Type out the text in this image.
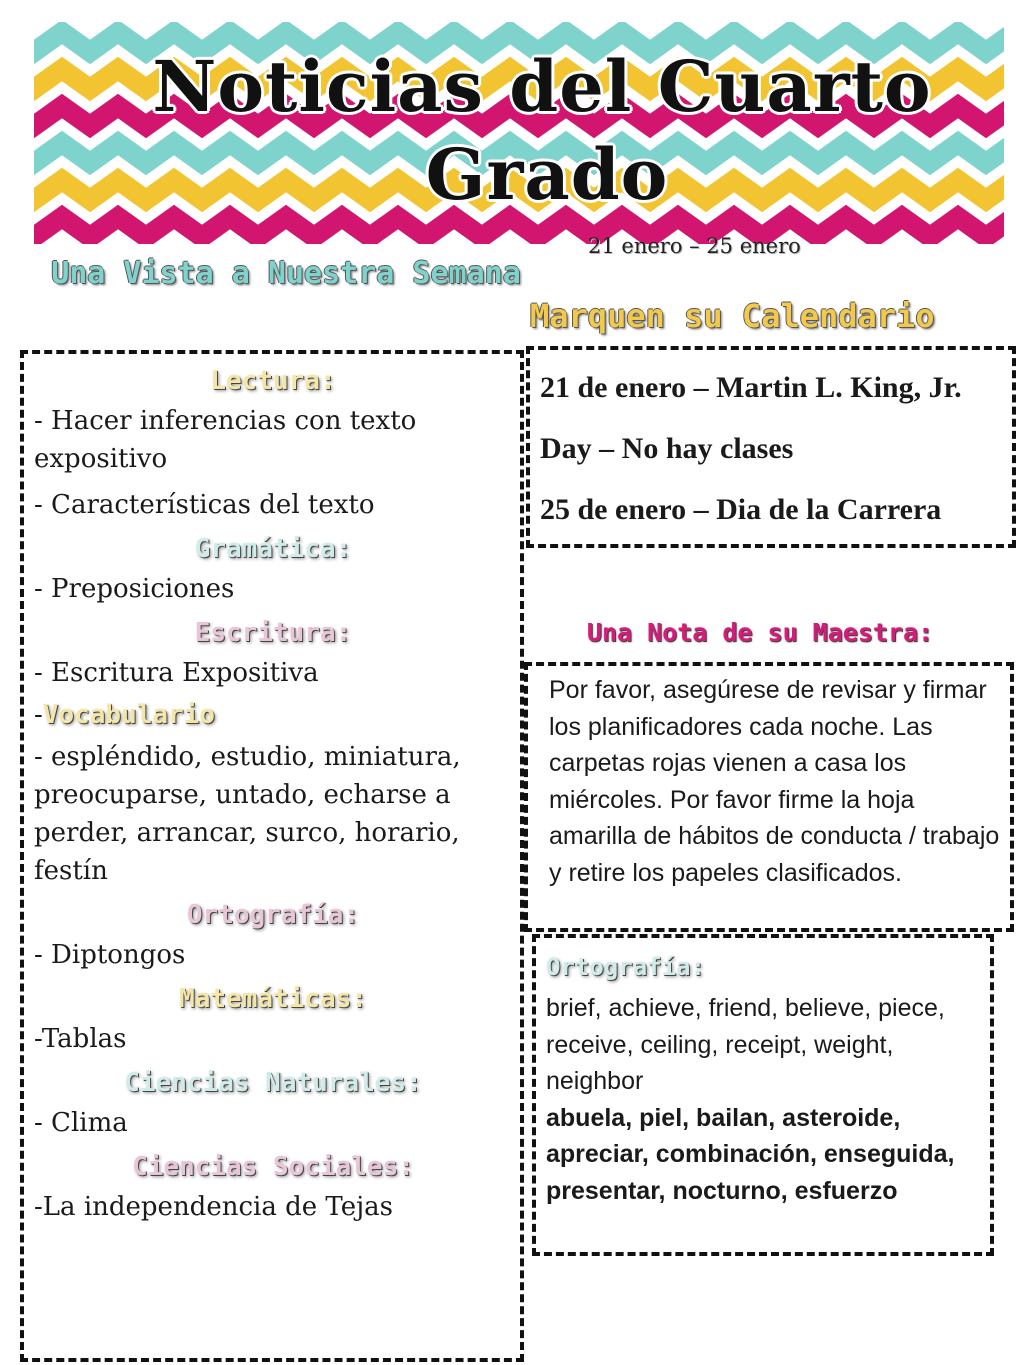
Noticias del Cuarto
Grado
21 enero – 25 enero
Una Vista a Nuestra Semana
Marquen su Calendario
Una Nota de su Maestra:
Lectura:
- Hacer inferencias con texto expositivo
- Características del texto
Gramática:
- Preposiciones
Escritura:
- Escritura Expositiva
-Vocabulario
- espléndido, estudio, miniatura, preocuparse, untado, echarse a perder, arrancar, surco, horario, festín
Ortografía:
- Diptongos
Matemáticas:
-Tablas
Ciencias Naturales:
- Clima
Ciencias Sociales:
-La independencia de Tejas
21 de enero – Martin L. King, Jr.
Day – No hay clases
25 de enero – Dia de la Carrera
Por favor, asegúrese de revisar y firmar los planificadores cada noche. Las carpetas rojas vienen a casa los miércoles. Por favor firme la hoja amarilla de hábitos de conducta / trabajo y retire los papeles clasificados.
Ortografía:
brief, achieve, friend, believe, piece, receive, ceiling, receipt, weight, neighbor
abuela, piel, bailan, asteroide, apreciar, combinación, enseguida, presentar, nocturno, esfuerzo
